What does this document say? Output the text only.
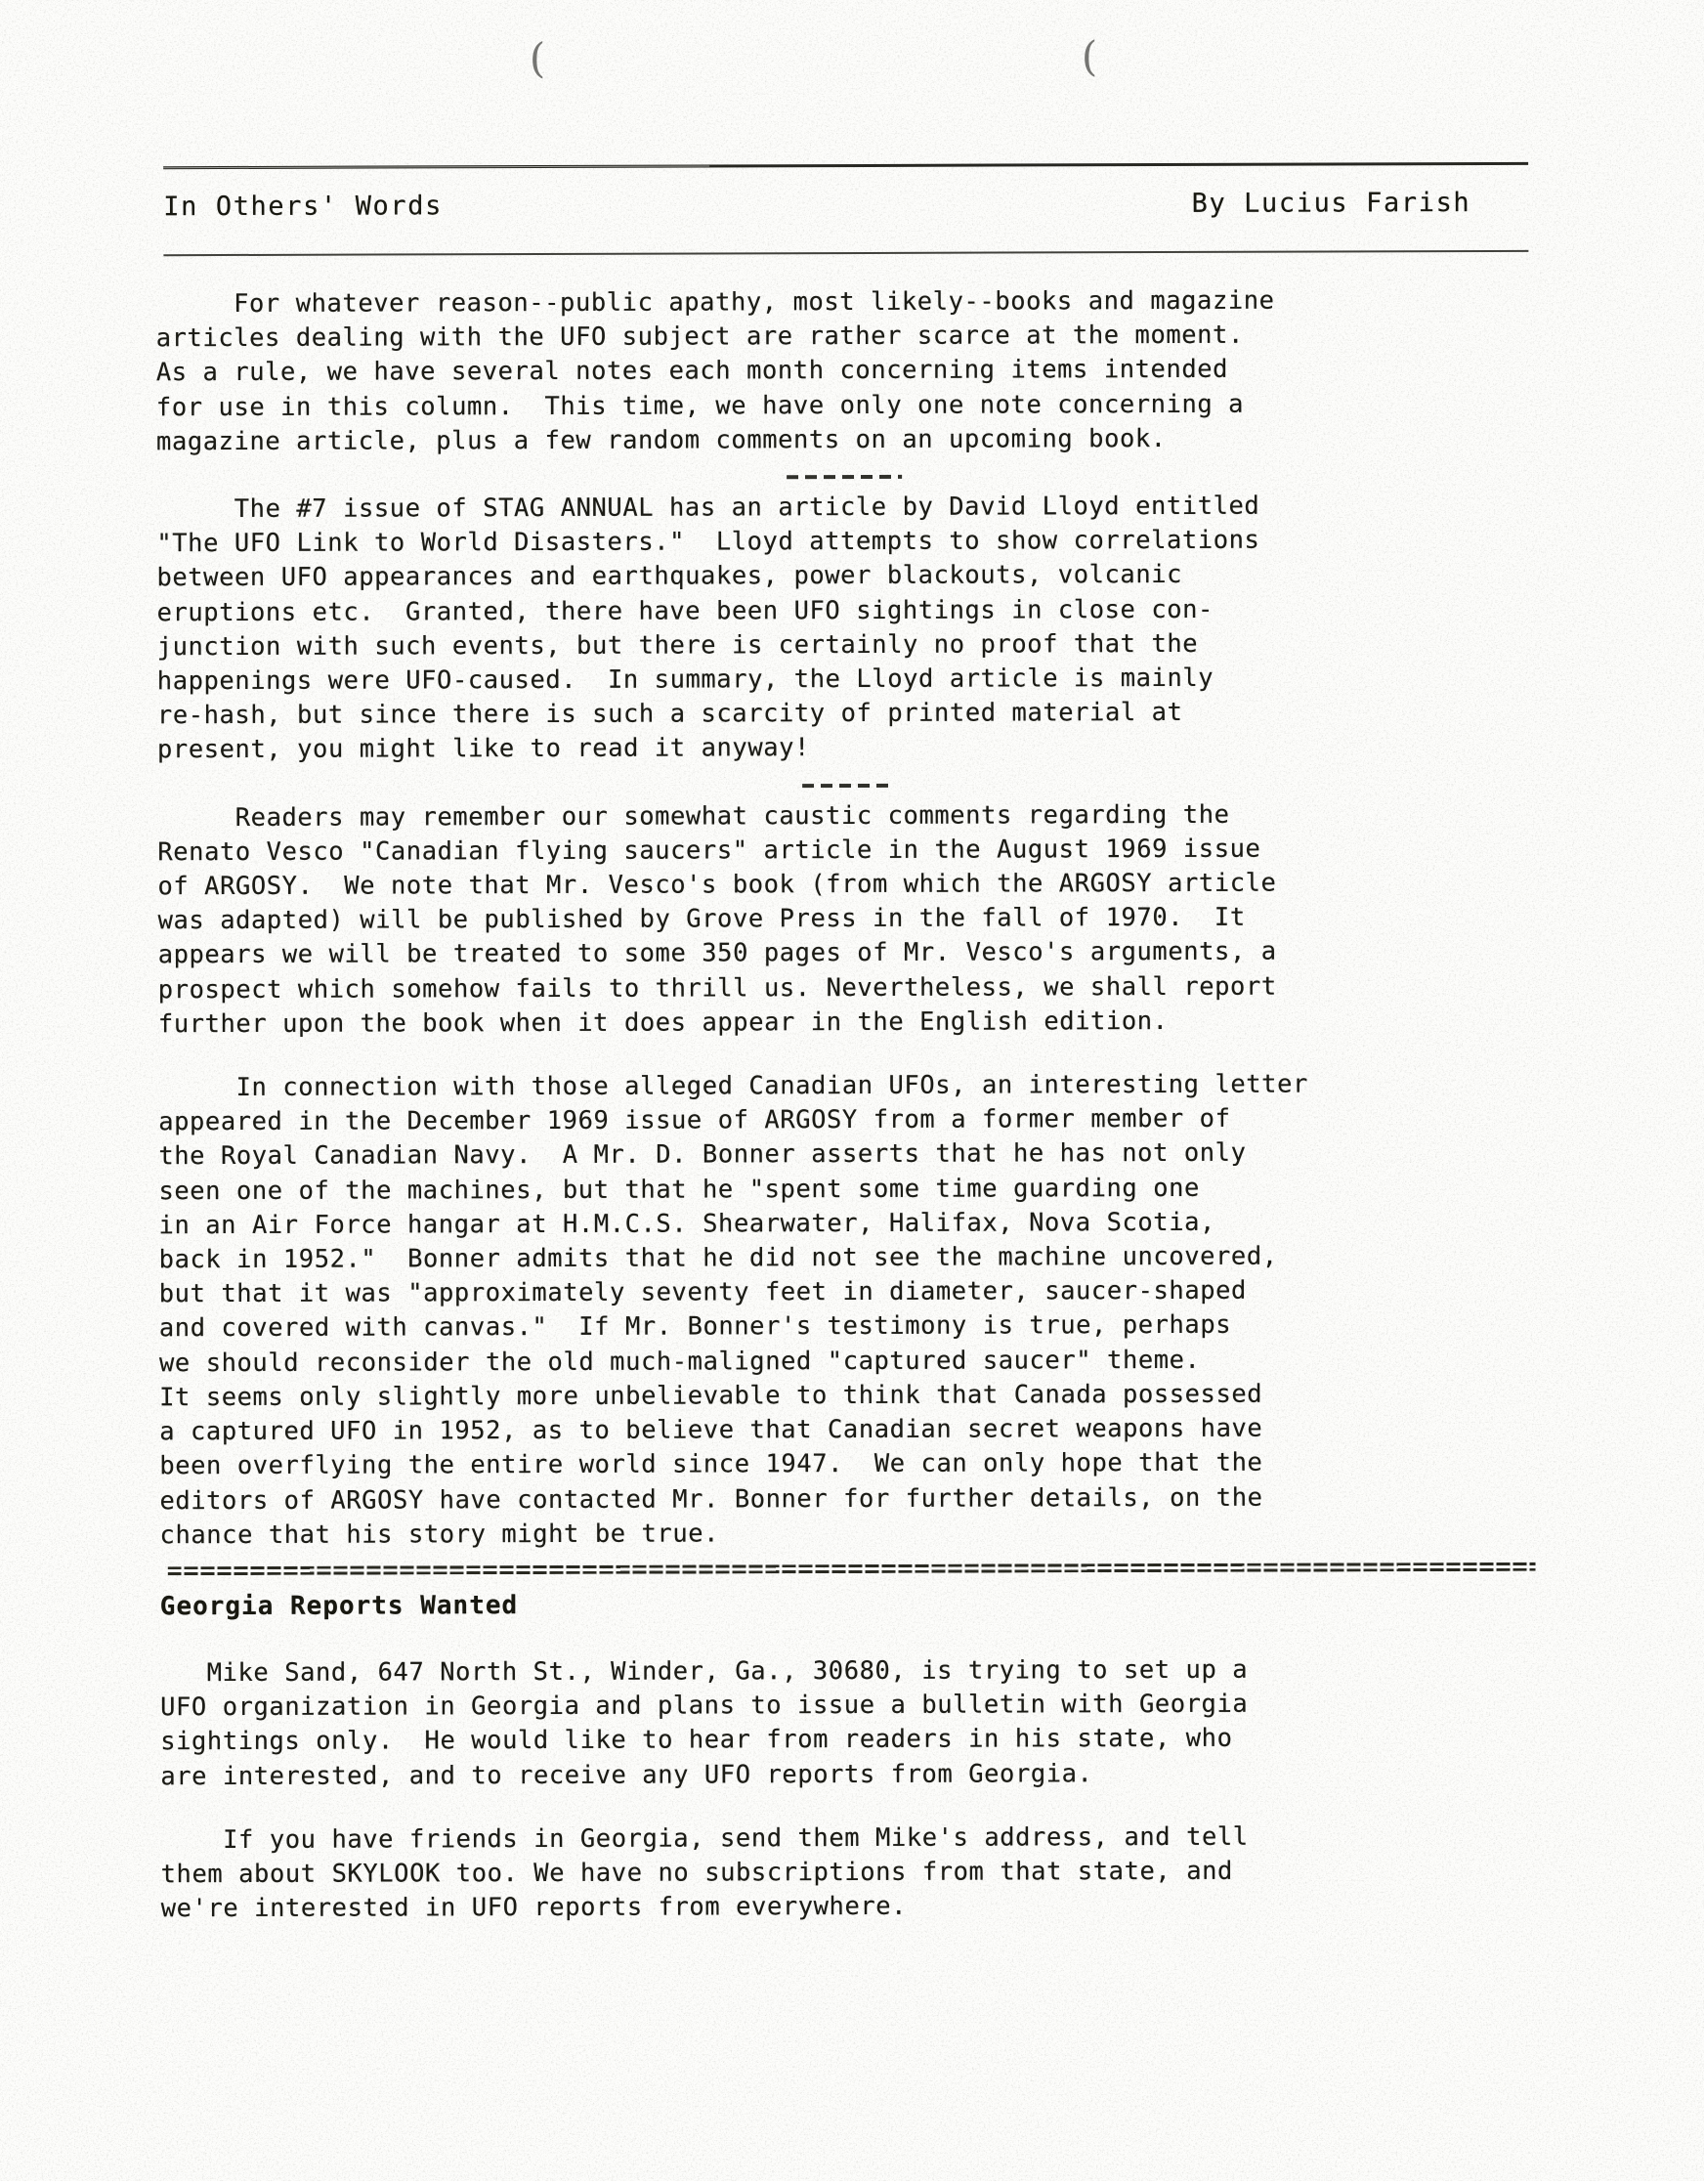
(	(
In Others' Words	By Lucius Farish

For whatever reason--public apathy, most likely--books and magazine
articles dealing with the UFO subject are rather scarce at the moment.
As a rule, we have several notes each month concerning items intended
for use in this column.  This time, we have only one note concerning a
magazine article, plus a few random comments on an upcoming book.

The #7 issue of STAG ANNUAL has an article by David Lloyd entitled
"The UFO Link to World Disasters."  Lloyd attempts to show correlations
between UFO appearances and earthquakes, power blackouts, volcanic
eruptions etc.  Granted, there have been UFO sightings in close con-
junction with such events, but there is certainly no proof that the
happenings were UFO-caused.  In summary, the Lloyd article is mainly
re-hash, but since there is such a scarcity of printed material at
present, you might like to read it anyway!

Readers may remember our somewhat caustic comments regarding the
Renato Vesco "Canadian flying saucers" article in the August 1969 issue
of ARGOSY.  We note that Mr. Vesco's book (from which the ARGOSY article
was adapted) will be published by Grove Press in the fall of 1970.  It
appears we will be treated to some 350 pages of Mr. Vesco's arguments, a
prospect which somehow fails to thrill us. Nevertheless, we shall report
further upon the book when it does appear in the English edition.

In connection with those alleged Canadian UFOs, an interesting letter
appeared in the December 1969 issue of ARGOSY from a former member of
the Royal Canadian Navy.  A Mr. D. Bonner asserts that he has not only
seen one of the machines, but that he "spent some time guarding one
in an Air Force hangar at H.M.C.S. Shearwater, Halifax, Nova Scotia,
back in 1952."  Bonner admits that he did not see the machine uncovered,
but that it was "approximately seventy feet in diameter, saucer-shaped
and covered with canvas."  If Mr. Bonner's testimony is true, perhaps
we should reconsider the old much-maligned "captured saucer" theme.
It seems only slightly more unbelievable to think that Canada possessed
a captured UFO in 1952, as to believe that Canadian secret weapons have
been overflying the entire world since 1947.  We can only hope that the
editors of ARGOSY have contacted Mr. Bonner for further details, on the
chance that his story might be true.

Georgia Reports Wanted

Mike Sand, 647 North St., Winder, Ga., 30680, is trying to set up a
UFO organization in Georgia and plans to issue a bulletin with Georgia
sightings only.  He would like to hear from readers in his state, who
are interested, and to receive any UFO reports from Georgia.

If you have friends in Georgia, send them Mike's address, and tell
them about SKYLOOK too. We have no subscriptions from that state, and
we're interested in UFO reports from everywhere.
